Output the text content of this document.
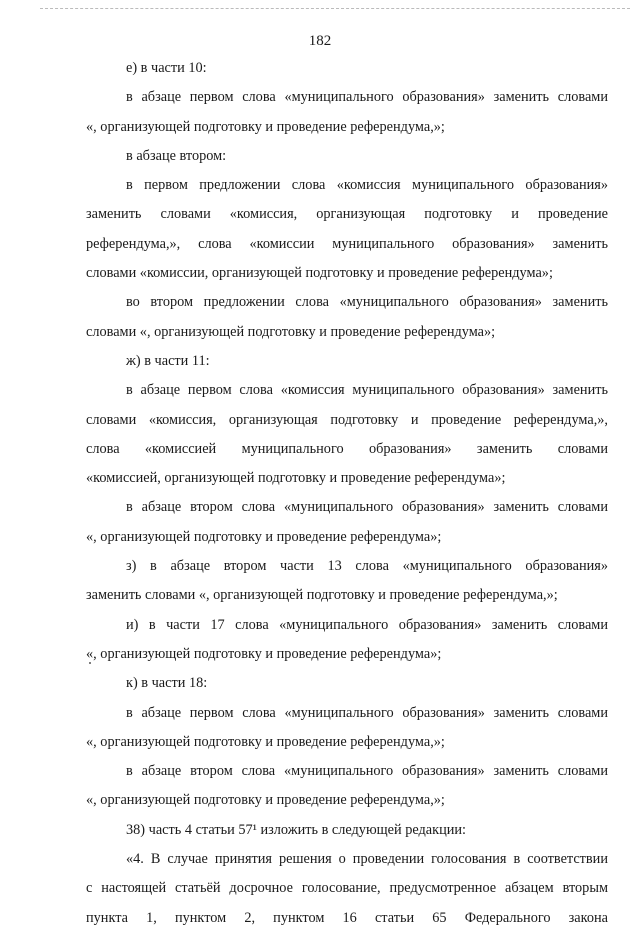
182
е) в части 10:
в абзаце первом слова «муниципального образования» заменить словами
«, организующей подготовку и проведение референдума,»;
в абзаце втором:
в первом предложении слова «комиссия муниципального образования»
заменить словами «комиссия, организующая подготовку и проведение
референдума,», слова «комиссии муниципального образования» заменить
словами «комиссии, организующей подготовку и проведение референдума»;
во втором предложении слова «муниципального образования» заменить
словами «, организующей подготовку и проведение референдума»;
ж) в части 11:
в абзаце первом слова «комиссия муниципального образования» заменить
словами «комиссия, организующая подготовку и проведение референдума,»,
слова «комиссией муниципального образования» заменить словами
«комиссией, организующей подготовку и проведение референдума»;
в абзаце втором слова «муниципального образования» заменить словами
«, организующей подготовку и проведение референдума»;
з) в абзаце втором части 13 слова «муниципального образования»
заменить словами «, организующей подготовку и проведение референдума,»;
и) в части 17 слова «муниципального образования» заменить словами
«, организующей подготовку и проведение референдума»;
к) в части 18:
в абзаце первом слова «муниципального образования» заменить словами
«, организующей подготовку и проведение референдума,»;
в абзаце втором слова «муниципального образования» заменить словами
«, организующей подготовку и проведение референдума,»;
38) часть 4 статьи 57¹ изложить в следующей редакции:
«4. В случае принятия решения о проведении голосования в соответствии
с настоящей статьёй досрочное голосование, предусмотренное абзацем вторым
пункта 1, пунктом 2, пунктом 16 статьи 65 Федерального закона
